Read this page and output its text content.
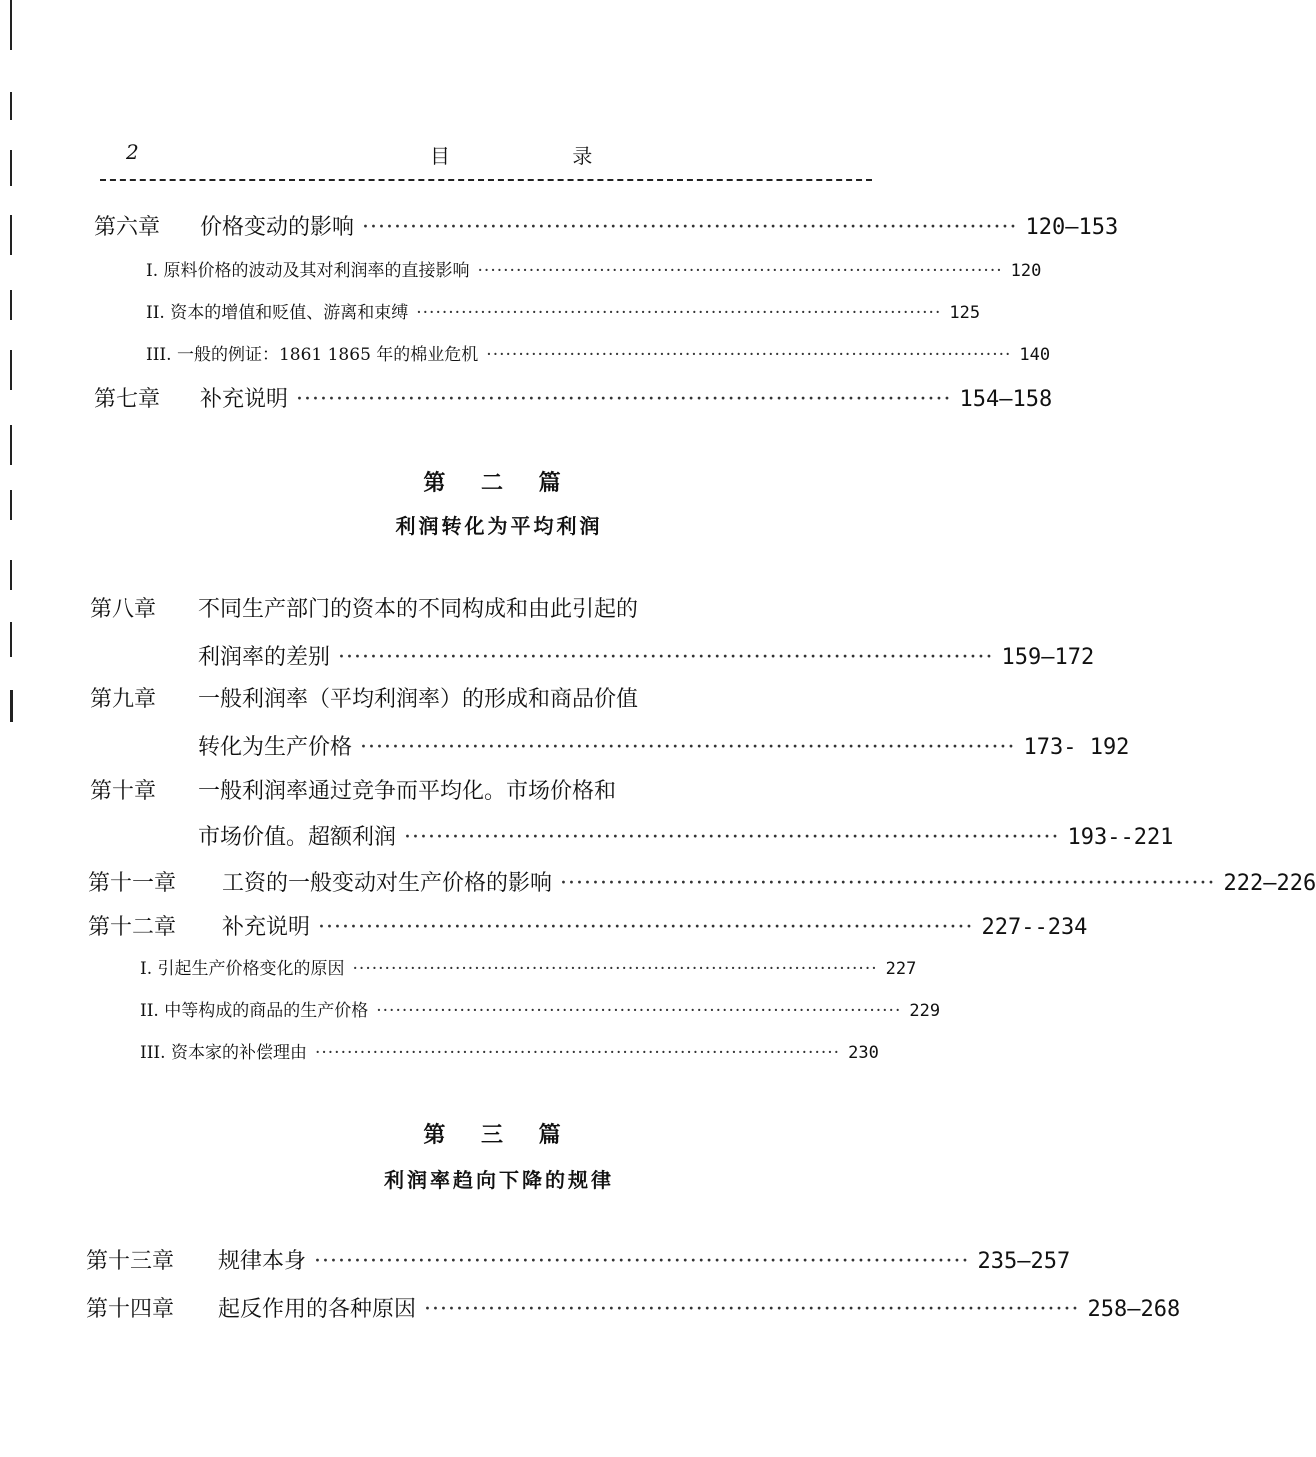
2	目 录
第六章 价格变动的影响 ·················································································· 120—153
I. 原料价格的波动及其对利润率的直接影响 ·················································································· 120
II. 资本的增值和贬值、游离和束缚 ·················································································· 125
III. 一般的例证：1861 1865 年的棉业危机 ·················································································· 140
第七章 补充说明 ·················································································· 154—158
第 二 篇
利润转化为平均利润
第八章 不同生产部门的资本的不同构成和由此引起的
利润率的差别 ·················································································· 159—172
第九章 一般利润率（平均利润率）的形成和商品价值
转化为生产价格 ·················································································· 173- 192
第十章 一般利润率通过竞争而平均化。市场价格和
市场价值。超额利润 ·················································································· 193--221
第十一章 工资的一般变动对生产价格的影响 ·················································································· 222—226
第十二章 补充说明 ·················································································· 227--234
I. 引起生产价格变化的原因 ·················································································· 227
II. 中等构成的商品的生产价格 ·················································································· 229
III. 资本家的补偿理由 ·················································································· 230
第 三 篇
利润率趋向下降的规律
第十三章 规律本身 ·················································································· 235—257
第十四章 起反作用的各种原因 ·················································································· 258—268
